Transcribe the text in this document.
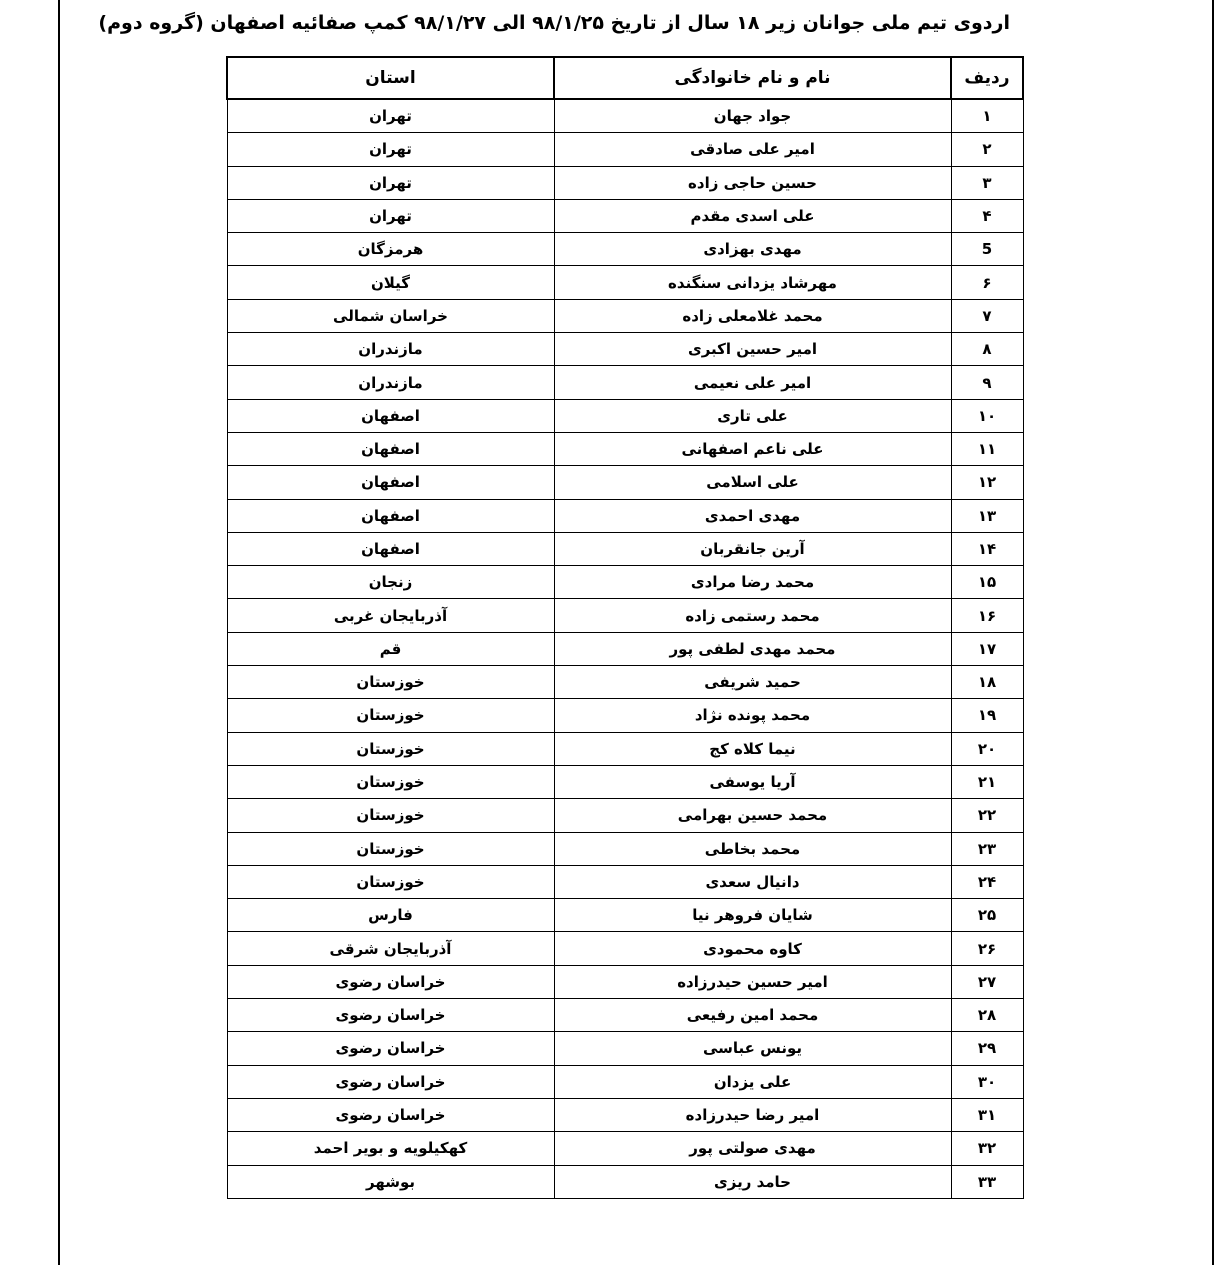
اردوی تیم ملی جوانان زیر ۱۸ سال از تاریخ ۹۸/۱/۲۵ الی ۹۸/۱/۲۷ کمپ صفائیه اصفهان (گروه دوم)
ردیف	نام و نام خانوادگی	استان
۱	جواد جهان	تهران
۲	امیر علی صادقی	تهران
۳	حسین حاجی زاده	تهران
۴	علی اسدی مقدم	تهران
5	مهدی بهزادی	هرمزگان
۶	مهرشاد یزدانی سنگنده	گیلان
۷	محمد غلامعلی زاده	خراسان شمالی
۸	امیر حسین اکبری	مازندران
۹	امیر علی نعیمی	مازندران
۱۰	علی تاری	اصفهان
۱۱	علی ناعم اصفهانی	اصفهان
۱۲	علی اسلامی	اصفهان
۱۳	مهدی احمدی	اصفهان
۱۴	آرین جانقربان	اصفهان
۱۵	محمد رضا مرادی	زنجان
۱۶	محمد رستمی زاده	آذربایجان غربی
۱۷	محمد مهدی لطفی پور	قم
۱۸	حمید شریفی	خوزستان
۱۹	محمد پونده نژاد	خوزستان
۲۰	نیما کلاه کج	خوزستان
۲۱	آریا یوسفی	خوزستان
۲۲	محمد حسین بهرامی	خوزستان
۲۳	محمد بخاطی	خوزستان
۲۴	دانیال سعدی	خوزستان
۲۵	شایان فروهر نیا	فارس
۲۶	کاوه محمودی	آذربایجان شرقی
۲۷	امیر حسین حیدرزاده	خراسان رضوی
۲۸	محمد امین رفیعی	خراسان رضوی
۲۹	یونس عباسی	خراسان رضوی
۳۰	علی یزدان	خراسان رضوی
۳۱	امیر رضا حیدرزاده	خراسان رضوی
۳۲	مهدی صولتی پور	کهکیلویه و بویر احمد
۳۳	حامد ریزی	بوشهر
